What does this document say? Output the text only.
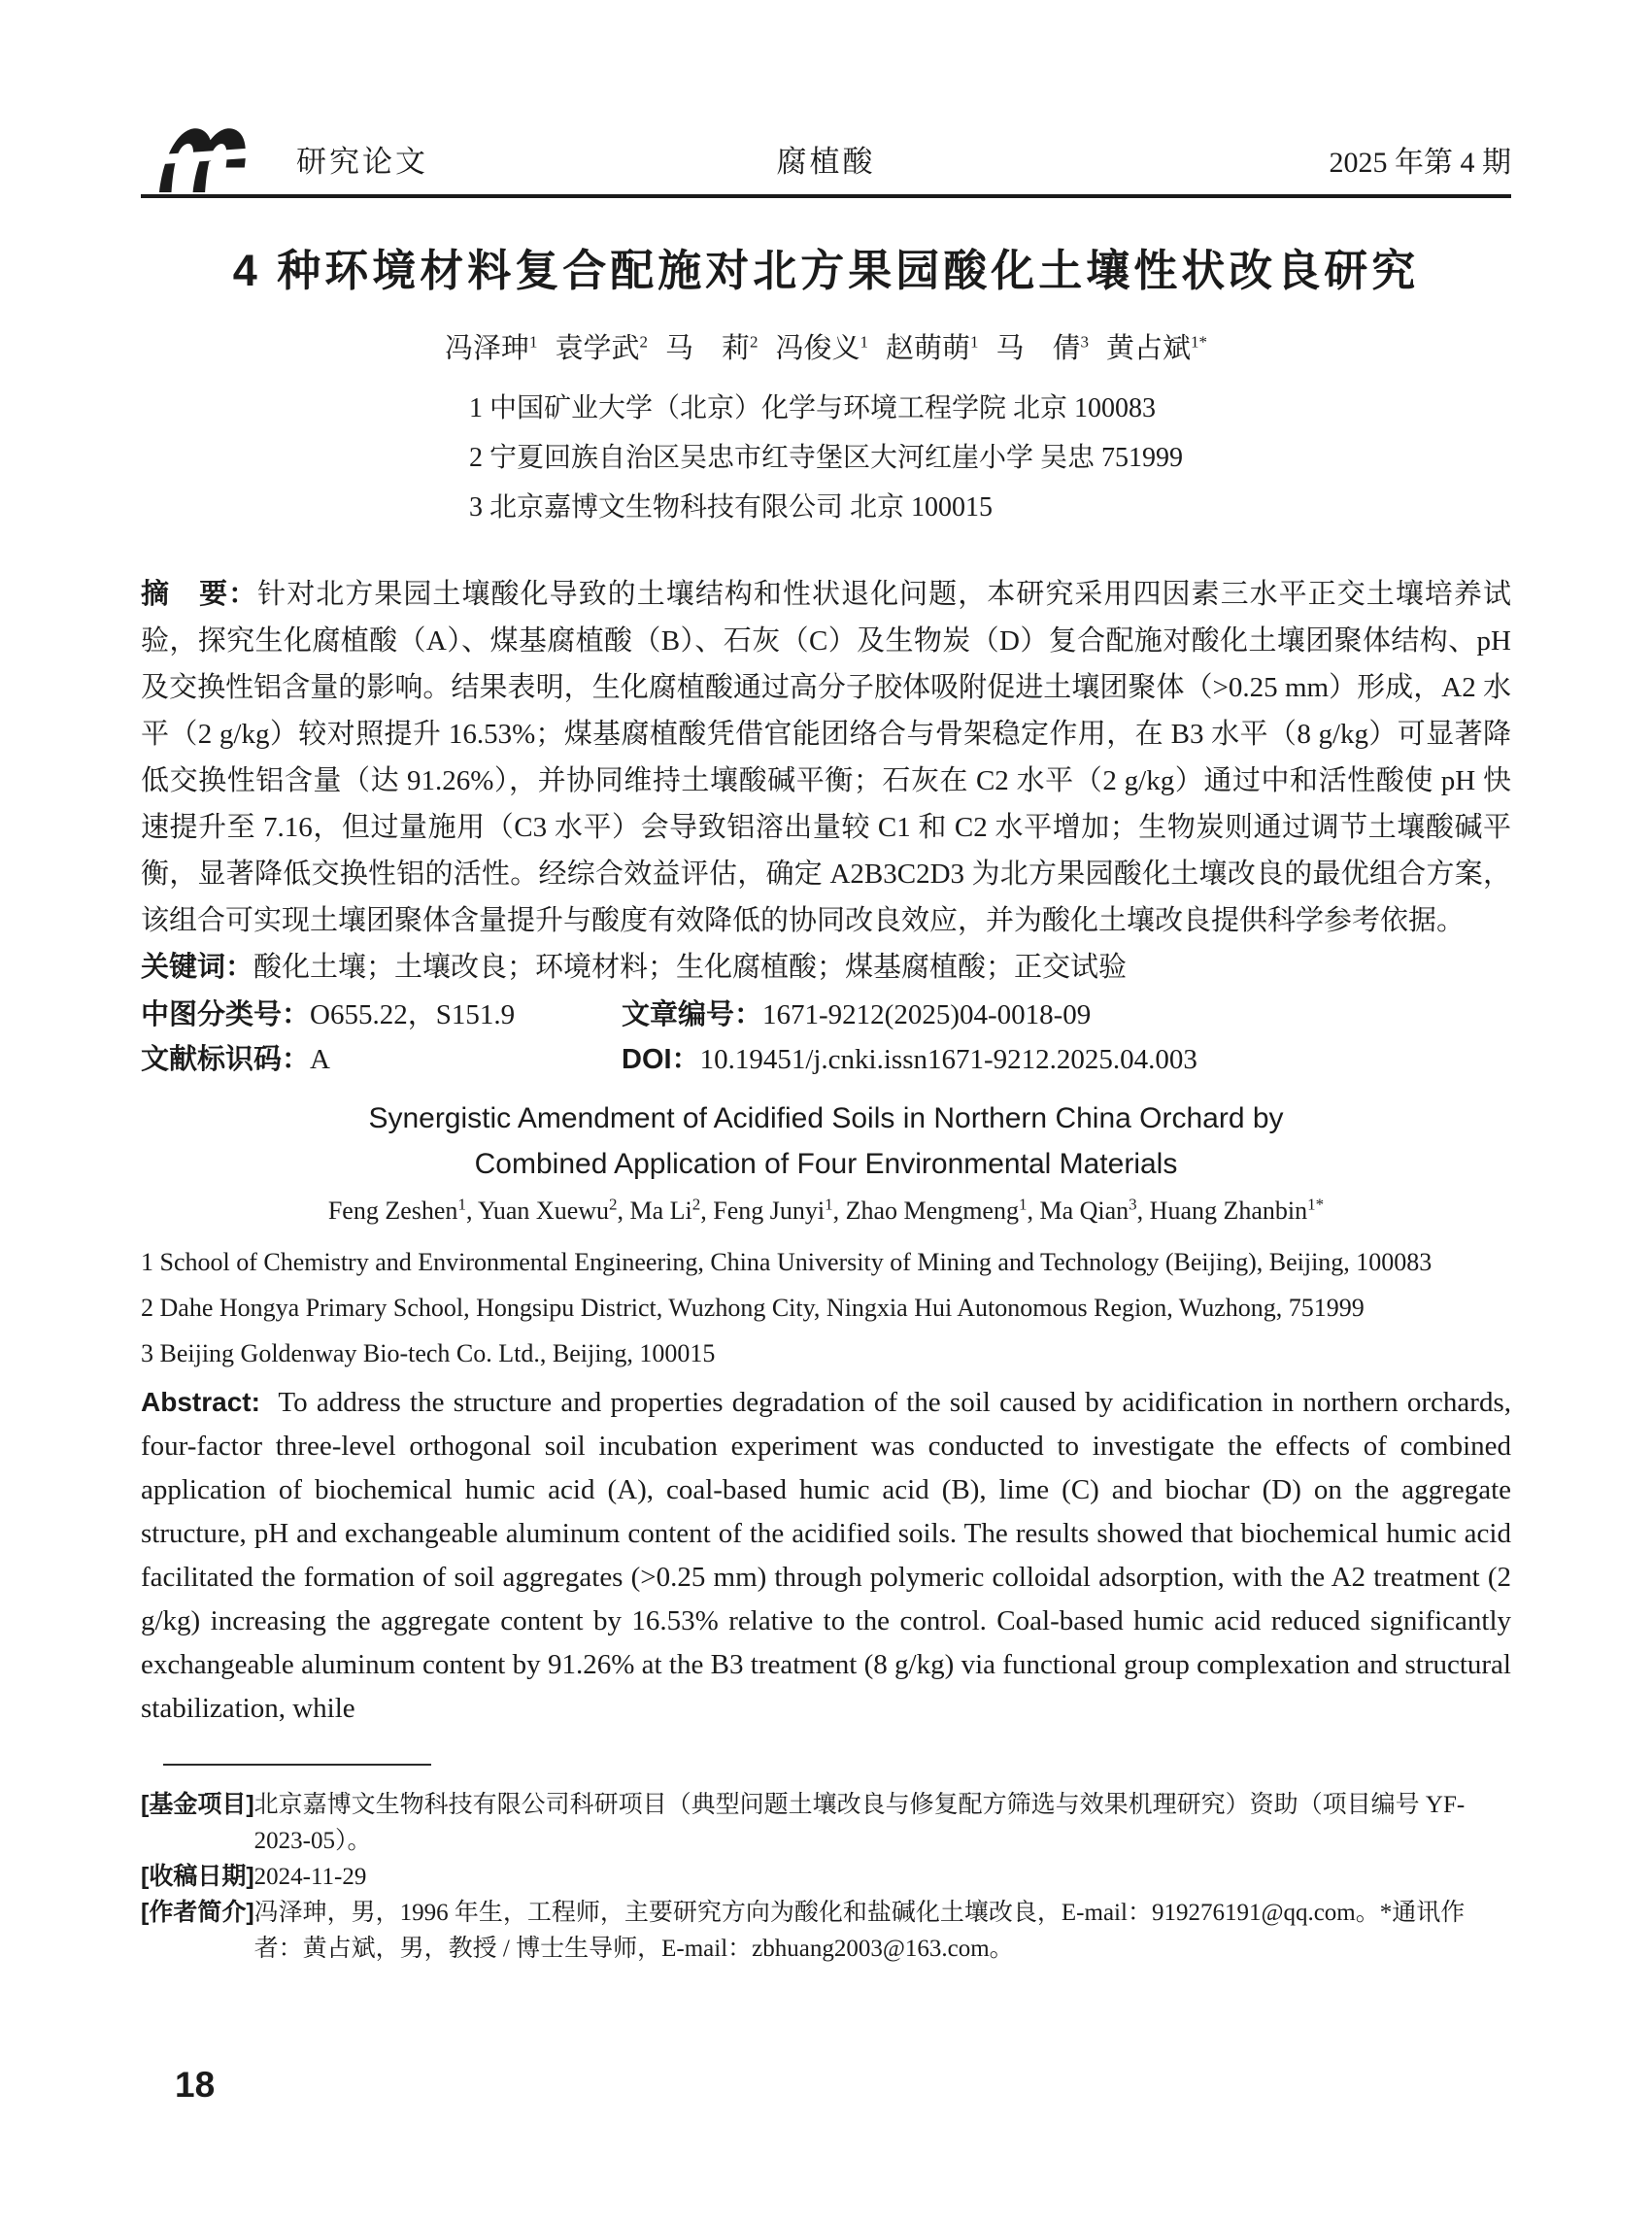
研究论文	腐植酸	2025 年第 4 期
4 种环境材料复合配施对北方果园酸化土壤性状改良研究
冯泽珅$^1$ 袁学武$^2$ 马　莉$^2$ 冯俊义$^1$ 赵萌萌$^1$ 马　倩$^3$ 黄占斌$^{1*}$
1 中国矿业大学（北京）化学与环境工程学院 北京 100083
2 宁夏回族自治区吴忠市红寺堡区大河红崖小学 吴忠 751999
3 北京嘉博文生物科技有限公司 北京 100015

摘　要：针对北方果园土壤酸化导致的土壤结构和性状退化问题，本研究采用四因素三水平正交土壤培养试验，探究生化腐植酸（A）、煤基腐植酸（B）、石灰（C）及生物炭（D）复合配施对酸化土壤团聚体结构、pH 及交换性铝含量的影响。结果表明，生化腐植酸通过高分子胶体吸附促进土壤团聚体（>0.25 mm）形成，A2 水平（2 g/kg）较对照提升 16.53%；煤基腐植酸凭借官能团络合与骨架稳定作用，在 B3 水平（8 g/kg）可显著降低交换性铝含量（达 91.26%），并协同维持土壤酸碱平衡；石灰在 C2 水平（2 g/kg）通过中和活性酸使 pH 快速提升至 7.16，但过量施用（C3 水平）会导致铝溶出量较 C1 和 C2 水平增加；生物炭则通过调节土壤酸碱平衡，显著降低交换性铝的活性。经综合效益评估，确定 A2B3C2D3 为北方果园酸化土壤改良的最优组合方案，该组合可实现土壤团聚体含量提升与酸度有效降低的协同改良效应，并为酸化土壤改良提供科学参考依据。

关键词：酸化土壤；土壤改良；环境材料；生化腐植酸；煤基腐植酸；正交试验

中图分类号：O655.22，S151.9	文章编号：1671-9212(2025)04-0018-09
文献标识码：A	DOI：10.19451/j.cnki.issn1671-9212.2025.04.003
Synergistic Amendment of Acidified Soils in Northern China Orchard by
Combined Application of Four Environmental Materials
Feng Zeshen$^1$, Yuan Xuewu$^2$, Ma Li$^2$, Feng Junyi$^1$, Zhao Mengmeng$^1$, Ma Qian$^3$, Huang Zhanbin$^{1*}$
1 School of Chemistry and Environmental Engineering, China University of Mining and Technology (Beijing), Beijing, 100083
2 Dahe Hongya Primary School, Hongsipu District, Wuzhong City, Ningxia Hui Autonomous Region, Wuzhong, 751999
3 Beijing Goldenway Bio-tech Co. Ltd., Beijing, 100015

Abstract: To address the structure and properties degradation of the soil caused by acidification in northern orchards, four-factor three-level orthogonal soil incubation experiment was conducted to investigate the effects of combined application of biochemical humic acid (A), coal-based humic acid (B), lime (C) and biochar (D) on the aggregate structure, pH and exchangeable aluminum content of the acidified soils. The results showed that biochemical humic acid facilitated the formation of soil aggregates (>0.25 mm) through polymeric colloidal adsorption, with the A2 treatment (2 g/kg) increasing the aggregate content by 16.53% relative to the control. Coal-based humic acid reduced significantly exchangeable aluminum content by 91.26% at the B3 treatment (8 g/kg) via functional group complexation and structural stabilization, while

[基金项目] 北京嘉博文生物科技有限公司科研项目（典型问题土壤改良与修复配方筛选与效果机理研究）资助（项目编号 YF-2023-05）。
[收稿日期] 2024-11-29
[作者简介] 冯泽珅，男，1996 年生，工程师，主要研究方向为酸化和盐碱化土壤改良，E-mail：919276191@qq.com。*通讯作者：黄占斌，男，教授 / 博士生导师，E-mail：zbhuang2003@163.com。
18
